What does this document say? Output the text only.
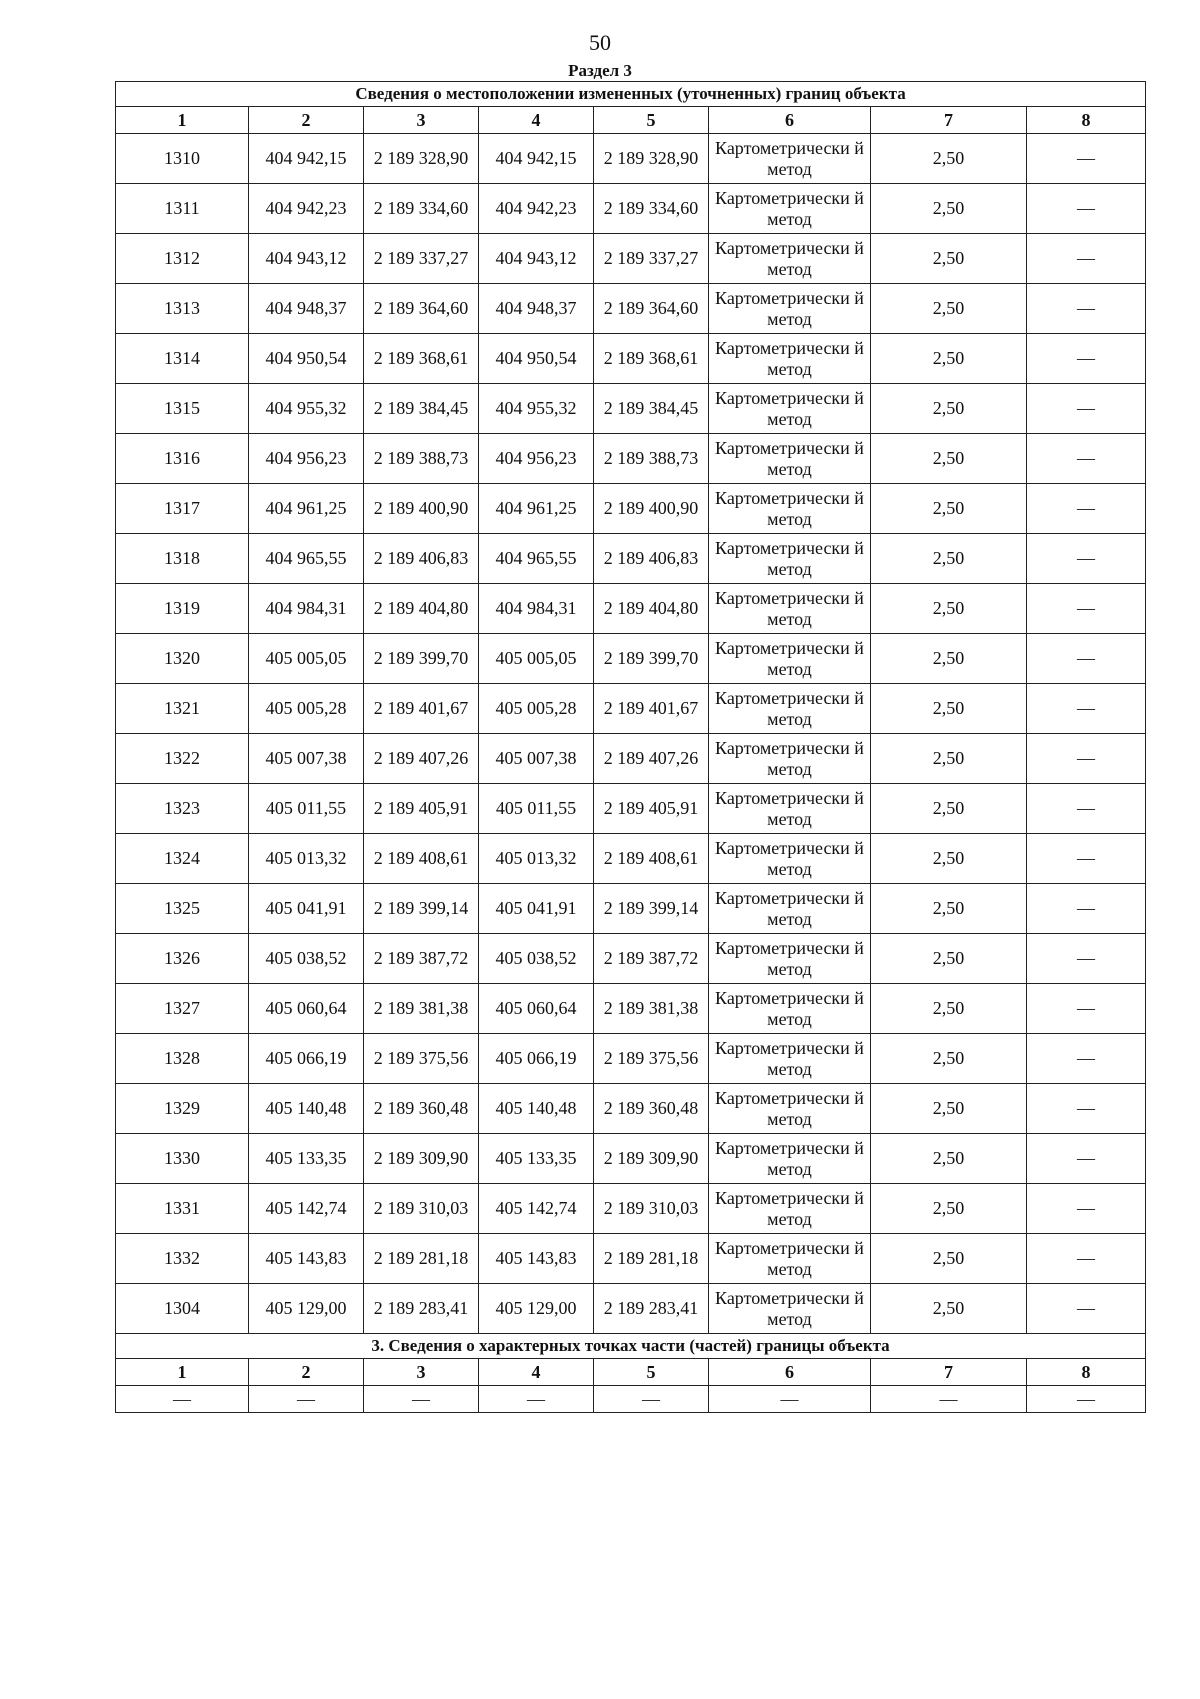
50
Раздел 3
Сведения о местоположении измененных (уточненных) границ объекта							
1	2	3	4	5	6	7	8
1310	404 942,15	2 189 328,90	404 942,15	2 189 328,90	Картометрически й метод	2,50	—
1311	404 942,23	2 189 334,60	404 942,23	2 189 334,60	Картометрически й метод	2,50	—
1312	404 943,12	2 189 337,27	404 943,12	2 189 337,27	Картометрически й метод	2,50	—
1313	404 948,37	2 189 364,60	404 948,37	2 189 364,60	Картометрически й метод	2,50	—
1314	404 950,54	2 189 368,61	404 950,54	2 189 368,61	Картометрически й метод	2,50	—
1315	404 955,32	2 189 384,45	404 955,32	2 189 384,45	Картометрически й метод	2,50	—
1316	404 956,23	2 189 388,73	404 956,23	2 189 388,73	Картометрически й метод	2,50	—
1317	404 961,25	2 189 400,90	404 961,25	2 189 400,90	Картометрически й метод	2,50	—
1318	404 965,55	2 189 406,83	404 965,55	2 189 406,83	Картометрически й метод	2,50	—
1319	404 984,31	2 189 404,80	404 984,31	2 189 404,80	Картометрически й метод	2,50	—
1320	405 005,05	2 189 399,70	405 005,05	2 189 399,70	Картометрически й метод	2,50	—
1321	405 005,28	2 189 401,67	405 005,28	2 189 401,67	Картометрически й метод	2,50	—
1322	405 007,38	2 189 407,26	405 007,38	2 189 407,26	Картометрически й метод	2,50	—
1323	405 011,55	2 189 405,91	405 011,55	2 189 405,91	Картометрически й метод	2,50	—
1324	405 013,32	2 189 408,61	405 013,32	2 189 408,61	Картометрически й метод	2,50	—
1325	405 041,91	2 189 399,14	405 041,91	2 189 399,14	Картометрически й метод	2,50	—
1326	405 038,52	2 189 387,72	405 038,52	2 189 387,72	Картометрически й метод	2,50	—
1327	405 060,64	2 189 381,38	405 060,64	2 189 381,38	Картометрически й метод	2,50	—
1328	405 066,19	2 189 375,56	405 066,19	2 189 375,56	Картометрически й метод	2,50	—
1329	405 140,48	2 189 360,48	405 140,48	2 189 360,48	Картометрически й метод	2,50	—
1330	405 133,35	2 189 309,90	405 133,35	2 189 309,90	Картометрически й метод	2,50	—
1331	405 142,74	2 189 310,03	405 142,74	2 189 310,03	Картометрически й метод	2,50	—
1332	405 143,83	2 189 281,18	405 143,83	2 189 281,18	Картометрически й метод	2,50	—
1304	405 129,00	2 189 283,41	405 129,00	2 189 283,41	Картометрически й метод	2,50	—
3. Сведения о характерных точках части (частей) границы объекта							
1	2	3	4	5	6	7	8
—	—	—	—	—	—	—	—
